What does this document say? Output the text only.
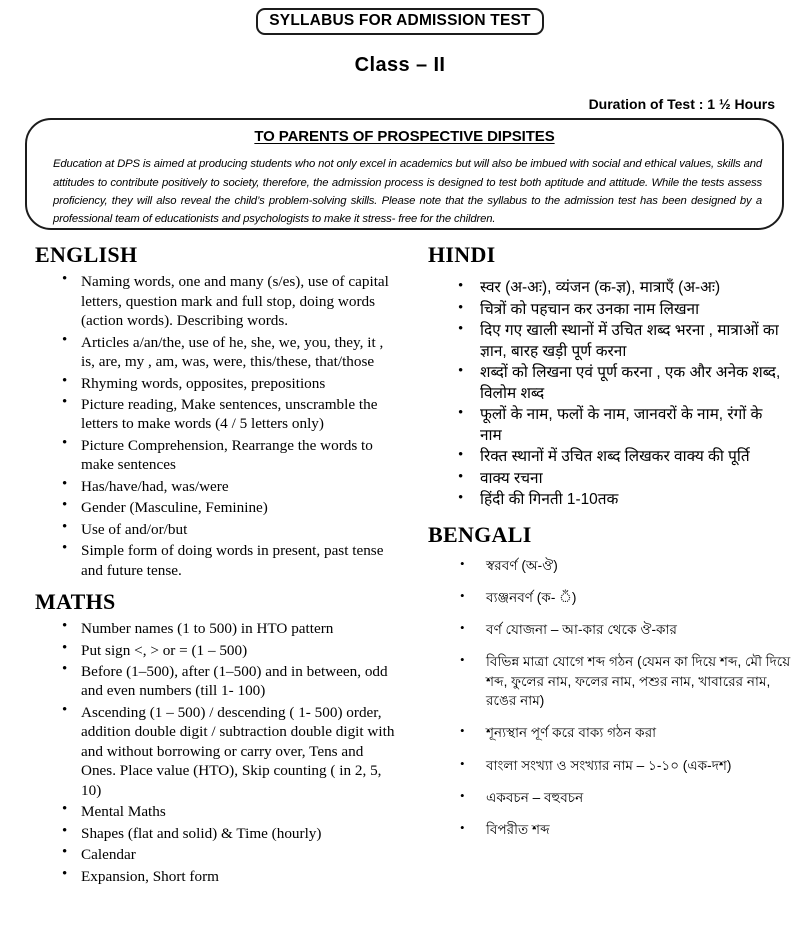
SYLLABUS FOR ADMISSION TEST
Class – II
Duration of Test : 1 ½ Hours
TO PARENTS OF PROSPECTIVE DIPSITES
Education at DPS is aimed at producing students who not only excel in academics but will also be imbued with social and ethical values, skills and attitudes to contribute positively to society, therefore, the admission process is designed to test both aptitude and attitude. While the tests assess proficiency, they will also reveal the child’s problem-solving skills. Please note that the syllabus to the admission test has been designed by a professional team of educationists and psychologists to make it stress- free for the children.
ENGLISH
• Naming words, one and many (s/es), use of capital letters, question mark and full stop, doing words (action words). Describing words.
• Articles a/an/the, use of he, she, we, you, they, it , is, are, my , am, was, were, this/these, that/those
• Rhyming words, opposites, prepositions
• Picture reading, Make sentences, unscramble the letters to make words (4 / 5 letters only)
• Picture Comprehension, Rearrange the words to make sentences
• Has/have/had, was/were
• Gender (Masculine, Feminine)
• Use of and/or/but
• Simple form of doing words in present, past tense and future tense.
MATHS
• Number names (1 to 500) in HTO pattern
• Put sign <, > or = (1 – 500)
• Before (1–500), after (1–500) and in between, odd and even numbers (till 1- 100)
• Ascending (1 – 500) / descending ( 1- 500) order, addition double digit / subtraction double digit with and without borrowing or carry over, Tens and Ones. Place value (HTO), Skip counting ( in 2, 5, 10)
• Mental Maths
• Shapes (flat and solid) & Time (hourly)
• Calendar
• Expansion, Short form
HINDI
• स्वर (अ-अः), व्यंजन (क-ज्ञ), मात्राएँ (अ-अः)
• चित्रों को पहचान कर उनका नाम लिखना
• दिए गए खाली स्थानों में उचित शब्द भरना , मात्राओं का ज्ञान, बारह खड़ी पूर्ण करना
• शब्दों को लिखना एवं पूर्ण करना , एक और अनेक शब्द, विलोम शब्द
• फूलों के नाम, फलों के नाम, जानवरों के नाम, रंगों के नाम
• रिक्त स्थानों में उचित शब्द लिखकर वाक्य की पूर्ति
• वाक्य रचना
• हिंदी की गिनती 1-10तक
BENGALI
• স্বরবর্ণ (অ-ঔ)
• ব্যঞ্জনবর্ণ (ক- ঁ)
• বর্ণ যোজনা – আ-কার থেকে ঔ-কার
• বিভিন্ন মাত্রা যোগে শব্দ গঠন (যেমন কা দিয়ে শব্দ, মৌ দিয়ে শব্দ, ফুলের নাম, ফলের নাম, পশুর নাম, খাবারের নাম, রঙের নাম)
• শূন্যস্থান পূর্ণ করে বাক্য গঠন করা
• বাংলা সংখ্যা ও সংখ্যার নাম – ১-১০ (এক-দশ)
• একবচন – বহুবচন
• বিপরীত শব্দ
